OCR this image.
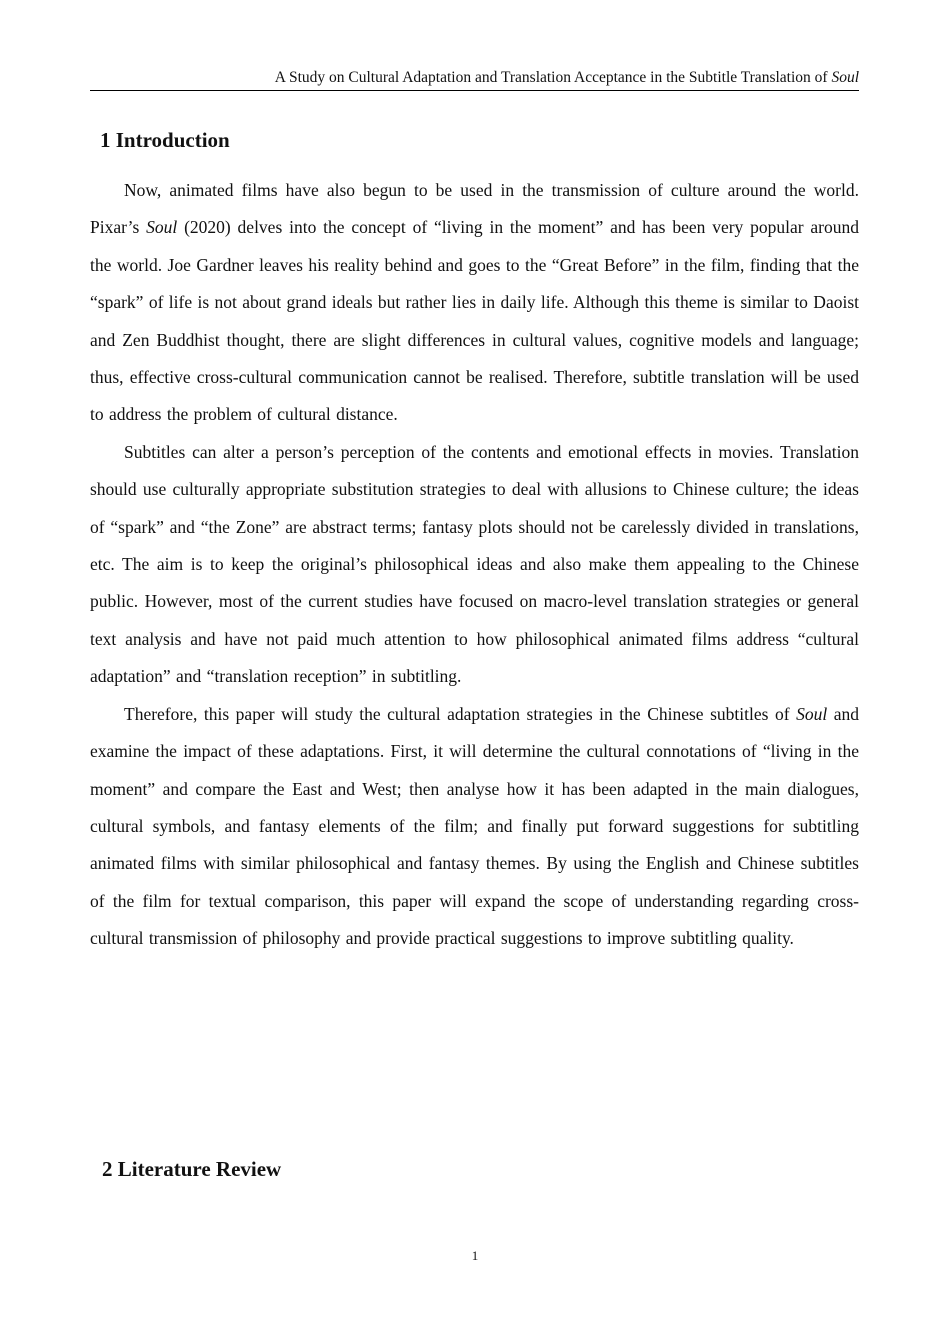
A Study on Cultural Adaptation and Translation Acceptance in the Subtitle Translation of Soul
1 Introduction

Now, animated films have also begun to be used in the transmission of culture around the world. Pixar’s Soul (2020) delves into the concept of “living in the moment” and has been very popular around the world. Joe Gardner leaves his reality behind and goes to the “Great Before” in the film, finding that the “spark” of life is not about grand ideals but rather lies in daily life. Although this theme is similar to Daoist and Zen Buddhist thought, there are slight differences in cultural values, cognitive models and language; thus, effective cross-cultural communication cannot be realised. Therefore, subtitle translation will be used to address the problem of cultural distance.

Subtitles can alter a person’s perception of the contents and emotional effects in movies. Translation should use culturally appropriate substitution strategies to deal with allusions to Chinese culture; the ideas of “spark” and “the Zone” are abstract terms; fantasy plots should not be carelessly divided in translations, etc. The aim is to keep the original’s philosophical ideas and also make them appealing to the Chinese public. However, most of the current studies have focused on macro-level translation strategies or general text analysis and have not paid much attention to how philosophical animated films address “cultural adaptation” and “translation reception” in subtitling.

Therefore, this paper will study the cultural adaptation strategies in the Chinese subtitles of Soul and examine the impact of these adaptations. First, it will determine the cultural connotations of “living in the moment” and compare the East and West; then analyse how it has been adapted in the main dialogues, cultural symbols, and fantasy elements of the film; and finally put forward suggestions for subtitling animated films with similar philosophical and fantasy themes. By using the English and Chinese subtitles of the film for textual comparison, this paper will expand the scope of understanding regarding cross-cultural transmission of philosophy and provide practical suggestions to improve subtitling quality.

2 Literature Review
1
